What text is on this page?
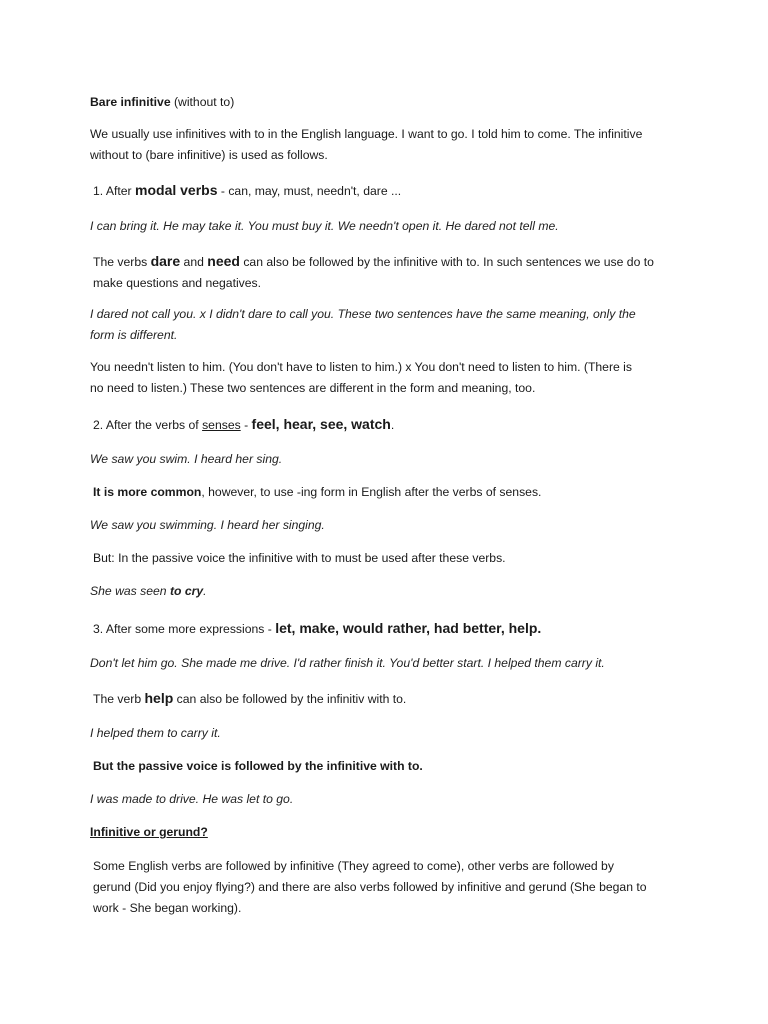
Bare infinitive (without to)

We usually use infinitives with to in the English language. I want to go. I told him to come. The infinitive
without to (bare infinitive) is used as follows.

1. After modal verbs - can, may, must, needn't, dare ...

I can bring it. He may take it. You must buy it. We needn't open it. He dared not tell me.

The verbs dare and need can also be followed by the infinitive with to. In such sentences we use do to
make questions and negatives.

I dared not call you. x I didn't dare to call you. These two sentences have the same meaning, only the
form is different.

You needn't listen to him. (You don't have to listen to him.) x You don't need to listen to him. (There is
no need to listen.) These two sentences are different in the form and meaning, too.

2. After the verbs of senses - feel, hear, see, watch.

We saw you swim. I heard her sing.

It is more common, however, to use -ing form in English after the verbs of senses.

We saw you swimming. I heard her singing.

But: In the passive voice the infinitive with to must be used after these verbs.

She was seen to cry.

3. After some more expressions - let, make, would rather, had better, help.

Don't let him go. She made me drive. I'd rather finish it. You'd better start. I helped them carry it.

The verb help can also be followed by the infinitiv with to.

I helped them to carry it.

But the passive voice is followed by the infinitive with to.

I was made to drive. He was let to go.

Infinitive or gerund?

Some English verbs are followed by infinitive (They agreed to come), other verbs are followed by
gerund (Did you enjoy flying?) and there are also verbs followed by infinitive and gerund (She began to
work - She began working).
